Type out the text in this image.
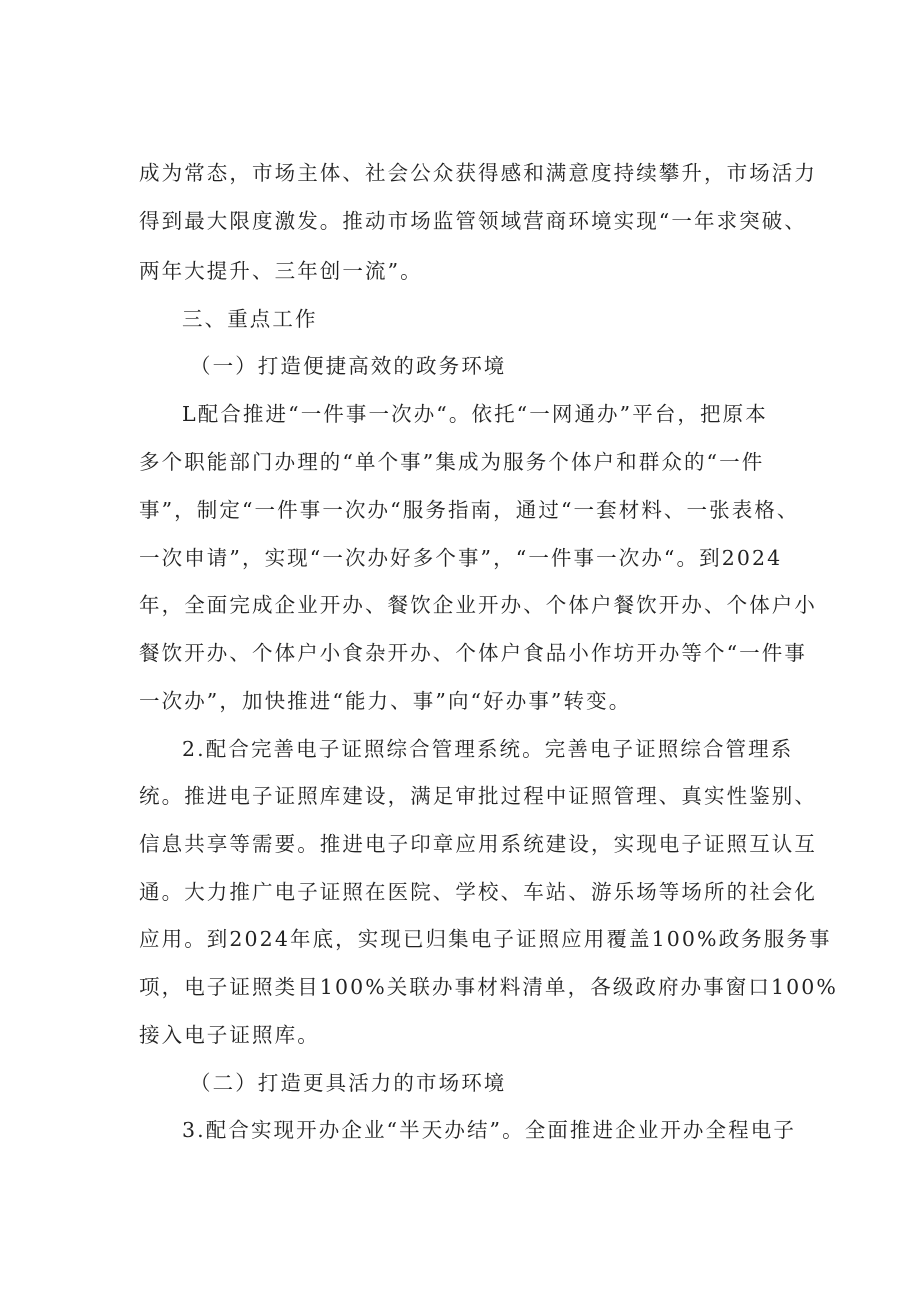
成为常态，市场主体、社会公众获得感和满意度持续攀升，市场活力
得到最大限度激发。推动市场监管领域营商环境实现“一年求突破、
两年大提升、三年创一流”。
三、重点工作
（一）打造便捷高效的政务环境
L配合推进“一件事一次办“。依托“一网通办”平台，把原本
多个职能部门办理的“单个事”集成为服务个体户和群众的“一件
事”，制定“一件事一次办“服务指南，通过“一套材料、一张表格、
一次申请”，实现“一次办好多个事”，“一件事一次办“。到2024
年，全面完成企业开办、餐饮企业开办、个体户餐饮开办、个体户小
餐饮开办、个体户小食杂开办、个体户食品小作坊开办等个“一件事
一次办”，加快推进“能力、事”向“好办事”转变。
2.配合完善电子证照综合管理系统。完善电子证照综合管理系
统。推进电子证照库建设，满足审批过程中证照管理、真实性鉴别、
信息共享等需要。推进电子印章应用系统建设，实现电子证照互认互
通。大力推广电子证照在医院、学校、车站、游乐场等场所的社会化
应用。到2024年底，实现已归集电子证照应用覆盖100%政务服务事
项，电子证照类目100%关联办事材料清单，各级政府办事窗口100%
接入电子证照库。
（二）打造更具活力的市场环境
3.配合实现开办企业“半天办结”。全面推进企业开办全程电子
